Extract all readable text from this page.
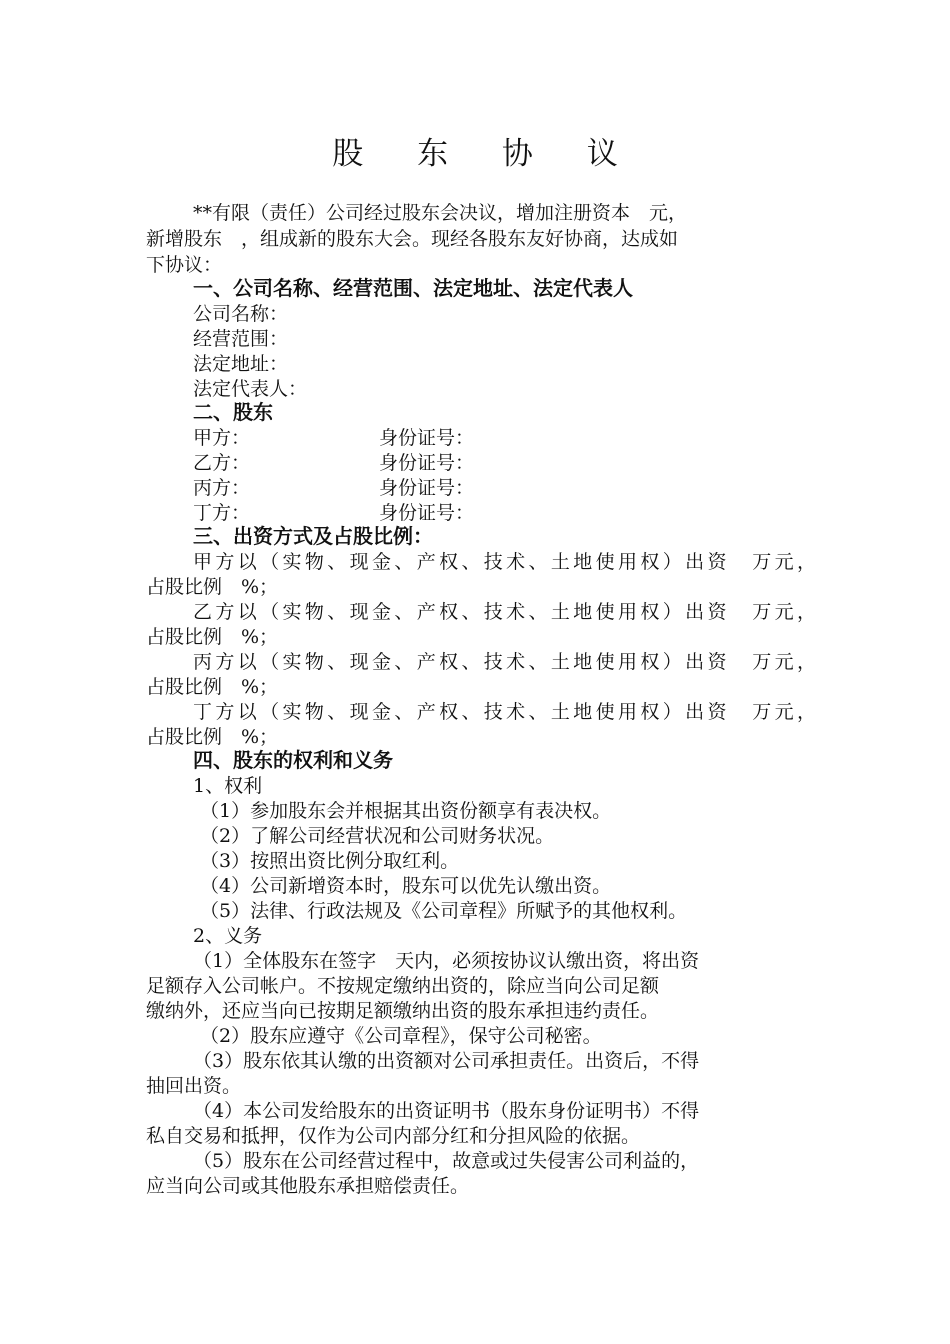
股 东 协 议
**有限（责任）公司经过股东会决议，增加注册资本　元，
新增股东　，组成新的股东大会。现经各股东友好协商，达成如
下协议：
一、公司名称、经营范围、法定地址、法定代表人
公司名称：
经营范围：
法定地址：
法定代表人：
二、股东
甲方：	身份证号：
乙方：	身份证号：
丙方：	身份证号：
丁方：	身份证号：
三、出资方式及占股比例：
甲方以（实物、现金、产权、技术、土地使用权）出资　万元，
占股比例　%；
乙方以（实物、现金、产权、技术、土地使用权）出资　万元，
占股比例　%；
丙方以（实物、现金、产权、技术、土地使用权）出资　万元，
占股比例　%；
丁方以（实物、现金、产权、技术、土地使用权）出资　万元，
占股比例　%；
四、股东的权利和义务
1、权利
（1）参加股东会并根据其出资份额享有表决权。
（2）了解公司经营状况和公司财务状况。
（3）按照出资比例分取红利。
（4）公司新增资本时，股东可以优先认缴出资。
（5）法律、行政法规及《公司章程》所赋予的其他权利。
2、义务
（1）全体股东在签字　天内，必须按协议认缴出资，将出资
足额存入公司帐户。不按规定缴纳出资的，除应当向公司足额
缴纳外，还应当向已按期足额缴纳出资的股东承担违约责任。
（2）股东应遵守《公司章程》，保守公司秘密。
（3）股东依其认缴的出资额对公司承担责任。出资后，不得
抽回出资。
（4）本公司发给股东的出资证明书（股东身份证明书）不得
私自交易和抵押，仅作为公司内部分红和分担风险的依据。
（5）股东在公司经营过程中，故意或过失侵害公司利益的，
应当向公司或其他股东承担赔偿责任。
